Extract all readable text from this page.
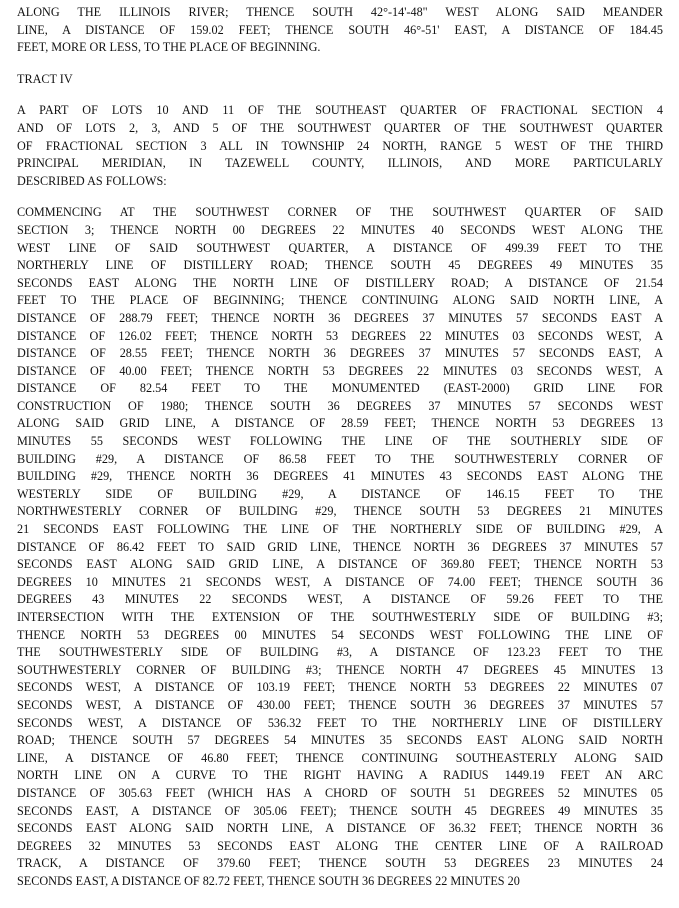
ALONG THE ILLINOIS RIVER; THENCE SOUTH 42°-14'-48" WEST ALONG SAID MEANDER
LINE, A DISTANCE OF 159.02 FEET; THENCE SOUTH 46°-51' EAST, A DISTANCE OF 184.45
FEET, MORE OR LESS, TO THE PLACE OF BEGINNING.
TRACT IV
A PART OF LOTS 10 AND 11 OF THE SOUTHEAST QUARTER OF FRACTIONAL SECTION 4
AND OF LOTS 2, 3, AND 5 OF THE SOUTHWEST QUARTER OF THE SOUTHWEST QUARTER
OF FRACTIONAL SECTION 3 ALL IN TOWNSHIP 24 NORTH, RANGE 5 WEST OF THE THIRD
PRINCIPAL MERIDIAN, IN TAZEWELL COUNTY, ILLINOIS, AND MORE PARTICULARLY
DESCRIBED AS FOLLOWS:
COMMENCING AT THE SOUTHWEST CORNER OF THE SOUTHWEST QUARTER OF SAID
SECTION 3; THENCE NORTH 00 DEGREES 22 MINUTES 40 SECONDS WEST ALONG THE
WEST LINE OF SAID SOUTHWEST QUARTER, A DISTANCE OF 499.39 FEET TO THE
NORTHERLY LINE OF DISTILLERY ROAD; THENCE SOUTH 45 DEGREES 49 MINUTES 35
SECONDS EAST ALONG THE NORTH LINE OF DISTILLERY ROAD; A DISTANCE OF 21.54
FEET TO THE PLACE OF BEGINNING; THENCE CONTINUING ALONG SAID NORTH LINE, A
DISTANCE OF 288.79 FEET; THENCE NORTH 36 DEGREES 37 MINUTES 57 SECONDS EAST A
DISTANCE OF 126.02 FEET; THENCE NORTH 53 DEGREES 22 MINUTES 03 SECONDS WEST, A
DISTANCE OF 28.55 FEET; THENCE NORTH 36 DEGREES 37 MINUTES 57 SECONDS EAST, A
DISTANCE OF 40.00 FEET; THENCE NORTH 53 DEGREES 22 MINUTES 03 SECONDS WEST, A
DISTANCE OF 82.54 FEET TO THE MONUMENTED (EAST-2000) GRID LINE FOR
CONSTRUCTION OF 1980; THENCE SOUTH 36 DEGREES 37 MINUTES 57 SECONDS WEST
ALONG SAID GRID LINE, A DISTANCE OF 28.59 FEET; THENCE NORTH 53 DEGREES 13
MINUTES 55 SECONDS WEST FOLLOWING THE LINE OF THE SOUTHERLY SIDE OF
BUILDING #29, A DISTANCE OF 86.58 FEET TO THE SOUTHWESTERLY CORNER OF
BUILDING #29, THENCE NORTH 36 DEGREES 41 MINUTES 43 SECONDS EAST ALONG THE
WESTERLY SIDE OF BUILDING #29, A DISTANCE OF 146.15 FEET TO THE
NORTHWESTERLY CORNER OF BUILDING #29, THENCE SOUTH 53 DEGREES 21 MINUTES
21 SECONDS EAST FOLLOWING THE LINE OF THE NORTHERLY SIDE OF BUILDING #29, A
DISTANCE OF 86.42 FEET TO SAID GRID LINE, THENCE NORTH 36 DEGREES 37 MINUTES 57
SECONDS EAST ALONG SAID GRID LINE, A DISTANCE OF 369.80 FEET; THENCE NORTH 53
DEGREES 10 MINUTES 21 SECONDS WEST, A DISTANCE OF 74.00 FEET; THENCE SOUTH 36
DEGREES 43 MINUTES 22 SECONDS WEST, A DISTANCE OF 59.26 FEET TO THE
INTERSECTION WITH THE EXTENSION OF THE SOUTHWESTERLY SIDE OF BUILDING #3;
THENCE NORTH 53 DEGREES 00 MINUTES 54 SECONDS WEST FOLLOWING THE LINE OF
THE SOUTHWESTERLY SIDE OF BUILDING #3, A DISTANCE OF 123.23 FEET TO THE
SOUTHWESTERLY CORNER OF BUILDING #3; THENCE NORTH 47 DEGREES 45 MINUTES 13
SECONDS WEST, A DISTANCE OF 103.19 FEET; THENCE NORTH 53 DEGREES 22 MINUTES 07
SECONDS WEST, A DISTANCE OF 430.00 FEET; THENCE SOUTH 36 DEGREES 37 MINUTES 57
SECONDS WEST, A DISTANCE OF 536.32 FEET TO THE NORTHERLY LINE OF DISTILLERY
ROAD; THENCE SOUTH 57 DEGREES 54 MINUTES 35 SECONDS EAST ALONG SAID NORTH
LINE, A DISTANCE OF 46.80 FEET; THENCE CONTINUING SOUTHEASTERLY ALONG SAID
NORTH LINE ON A CURVE TO THE RIGHT HAVING A RADIUS 1449.19 FEET AN ARC
DISTANCE OF 305.63 FEET (WHICH HAS A CHORD OF SOUTH 51 DEGREES 52 MINUTES 05
SECONDS EAST, A DISTANCE OF 305.06 FEET); THENCE SOUTH 45 DEGREES 49 MINUTES 35
SECONDS EAST ALONG SAID NORTH LINE, A DISTANCE OF 36.32 FEET; THENCE NORTH 36
DEGREES 32 MINUTES 53 SECONDS EAST ALONG THE CENTER LINE OF A RAILROAD
TRACK, A DISTANCE OF 379.60 FEET; THENCE SOUTH 53 DEGREES 23 MINUTES 24
SECONDS EAST, A DISTANCE OF 82.72 FEET, THENCE SOUTH 36 DEGREES 22 MINUTES 20
